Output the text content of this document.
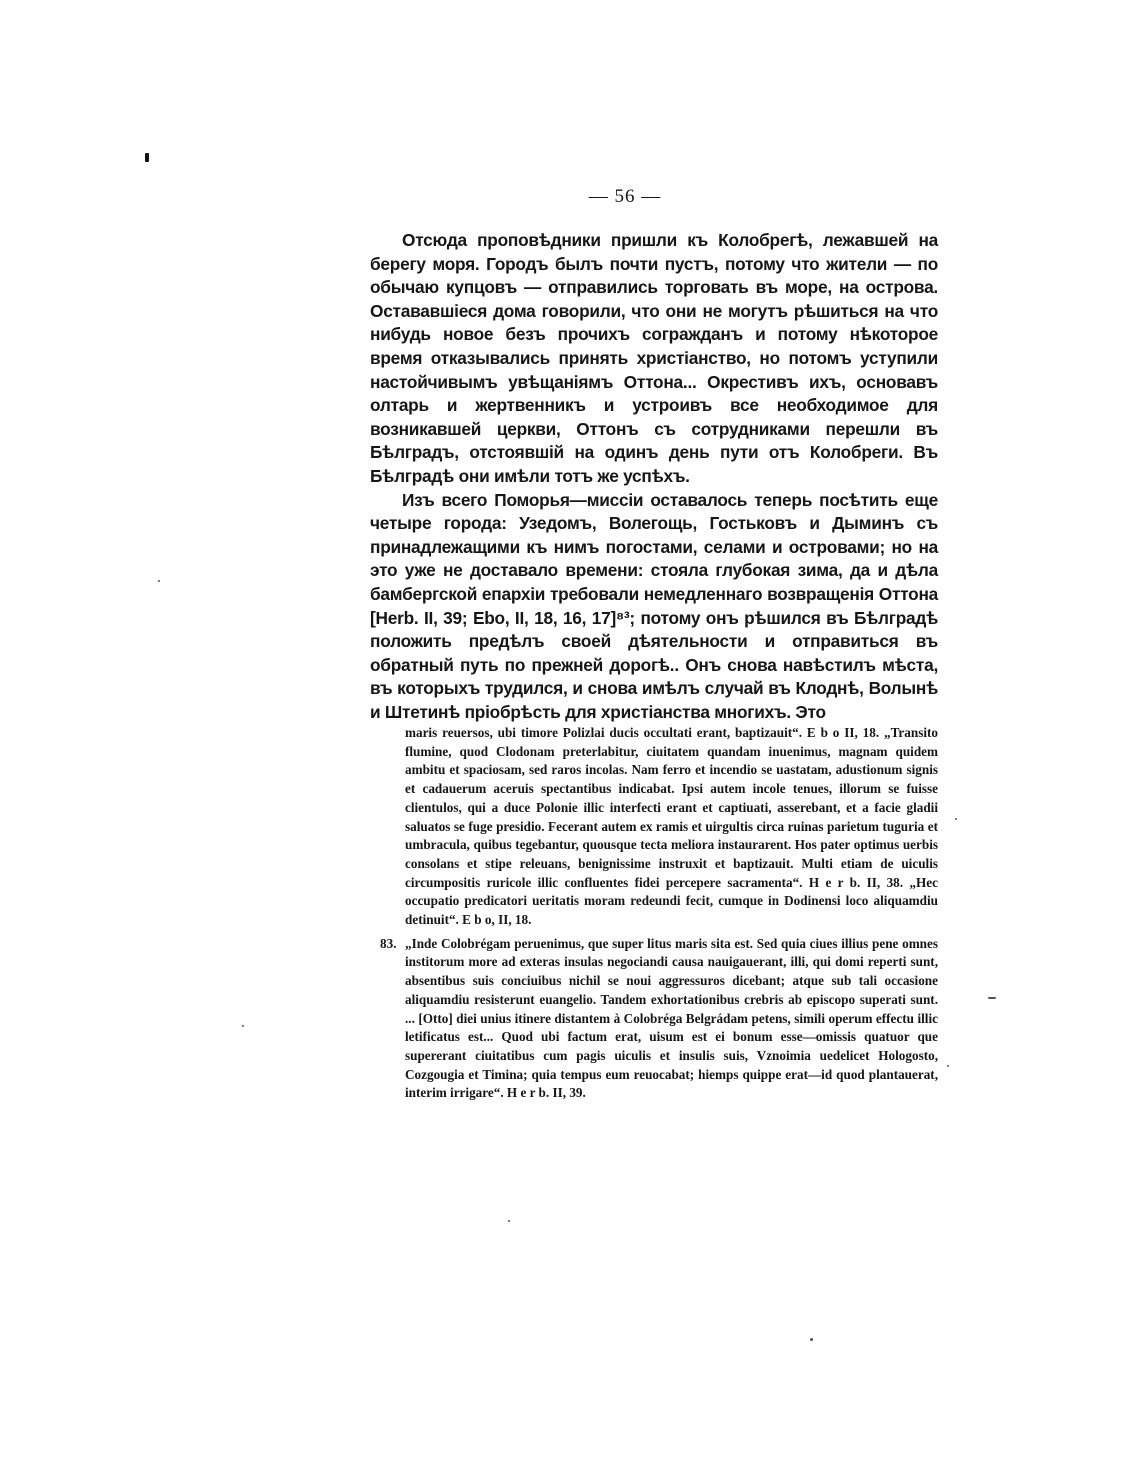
— 56 —

Отсюда проповѣдники пришли къ Колобрегѣ, лежавшей на берегу моря. Городъ былъ почти пустъ, потому что жители — по обычаю купцовъ — отправились торговать въ море, на острова. Остававшіеся дома говорили, что они не могутъ рѣшиться на что нибудь новое безъ прочихъ согражданъ и потому нѣкоторое время отказывались принять христіанство, но потомъ уступили настойчивымъ увѣщаніямъ Оттона... Окрестивъ ихъ, основавъ олтарь и жертвенникъ и устроивъ все необходимое для возникавшей церкви, Оттонъ съ сотрудниками перешли въ Бѣлградъ, отстоявшій на одинъ день пути отъ Колобреги. Въ Бѣлградѣ они имѣли тотъ же успѣхъ.

Изъ всего Поморья—миссіи оставалось теперь посѣтить еще четыре города: Узедомъ, Волегощь, Гостьковъ и Дыминъ съ принадлежащими къ нимъ погостами, селами и островами; но на это уже не доставало времени: стояла глубокая зима, да и дѣла бамбергской епархіи требовали немедленнаго возвращенія Оттона [Herb. II, 39; Ebo, II, 18, 16, 17]⁸³; потому онъ рѣшился въ Бѣлградѣ положить предѣлъ своей дѣятельности и отправиться въ обратный путь по прежней дорогѣ.. Онъ снова навѣстилъ мѣста, въ которыхъ трудился, и снова имѣлъ случай въ Клоднѣ, Волынѣ и Штетинѣ пріобрѣсть для христіанства многихъ. Это

maris reuersos, ubi timore Polizlai ducis occultati erant, baptizauit“. E b o II, 18. „Transito flumine, quod Clodonam preterlabitur, ciuitatem quandam inuenimus, magnam quidem ambitu et spaciosam, sed raros incolas. Nam ferro et incendio se uastatam, adustionum signis et cadauerum aceruis spectantibus indicabat. Ipsi autem incole tenues, illorum se fuisse clientulos, qui a duce Polonie illic interfecti erant et captiuati, asserebant, et a facie gladii saluatos se fuge presidio. Fecerant autem ex ramis et uirgultis circa ruinas parietum tuguria et umbracula, quibus tegebantur, quousque tecta meliora instaurarent. Hos pater optimus uerbis consolans et stipe releuans, benignissime instruxit et baptizauit. Multi etiam de uiculis circumpositis ruricole illic confluentes fidei percepere sacramenta“. H e r b. II, 38. „Hec occupatio predicatori ueritatis moram redeundi fecit, cumque in Dodinensi loco aliquamdiu detinuit“. E b o, II, 18.

83. „Inde Colobrégam peruenimus, que super litus maris sita est. Sed quia ciues illius pene omnes institorum more ad exteras insulas negociandi causa nauigauerant, illi, qui domi reperti sunt, absentibus suis conciuibus nichil se noui aggressuros dicebant; atque sub tali occasione aliquamdiu resisterunt euangelio. Tandem exhortationibus crebris ab episcopo superati sunt. ... [Otto] diei unius itinere distantem à Colobréga Belgrádam petens, simili operum effectu illic letificatus est... Quod ubi factum erat, uisum est ei bonum esse—omissis quatuor que supererant ciuitatibus cum pagis uiculis et insulis suis, Vznoimia uedelicet Hologosto, Cozgougia et Timina; quia tempus eum reuocabat; hiemps quippe erat—id quod plantauerat, interim irrigare“. H e r b. II, 39.
